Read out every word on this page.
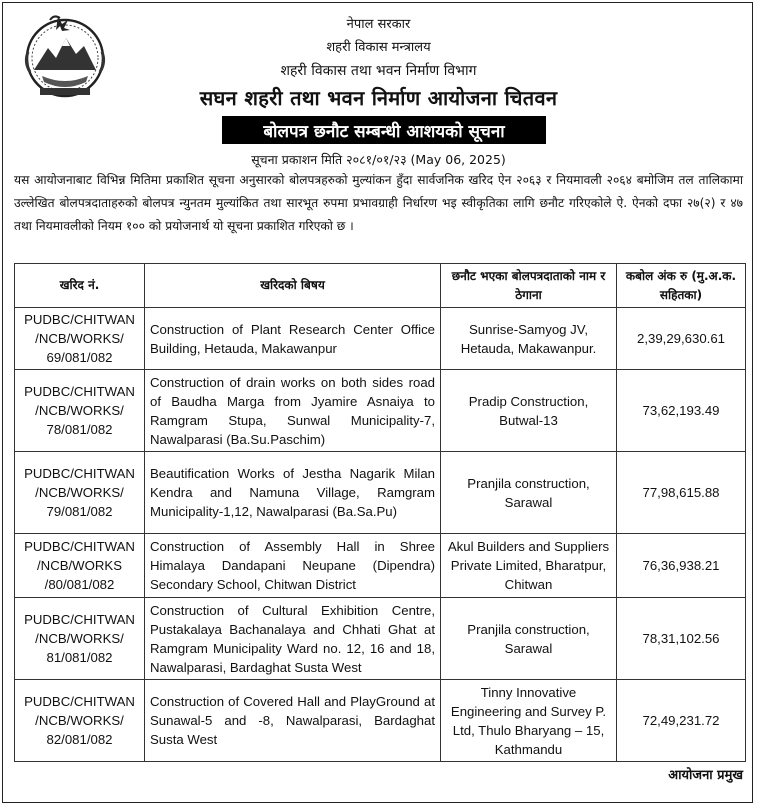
नेपाल सरकार
शहरी विकास मन्त्रालय
शहरी विकास तथा भवन निर्माण विभाग
सघन शहरी तथा भवन निर्माण आयोजना चितवन
बोलपत्र छनौट सम्बन्धी आशयको सूचना
सूचना प्रकाशन मिति २०८१/०१/२३ (May 06, 2025)
यस आयोजनाबाट विभिन्न मितिमा प्रकाशित सूचना अनुसारको बोलपत्रहरुको मुल्यांकन हुँदा सार्वजनिक खरिद ऐन २०६३ र नियमावली २०६४ बमोजिम तल तालिकामा उल्लेखित बोलपत्रदाताहरुको बोलपत्र न्युनतम मुल्यांकित तथा सारभूत रुपमा प्रभावग्राही निर्धारण भइ स्वीकृतिका लागि छनौट गरिएकोले ऐ. ऐनको दफा २७(२) र ४७ तथा नियमावलीको नियम १०० को प्रयोजनार्थ यो सूचना प्रकाशित गरिएको छ ।
खरिद नं.	खरिदको बिषय	छनौट भएका बोलपत्रदाताको नाम र ठेगाना	कबोल अंक रु (मु.अ.क. सहितका)
PUDBC/CHITWAN /NCB/WORKS/ 69/081/082	Construction of Plant Research Center Office Building, Hetauda, Makawanpur	Sunrise-Samyog JV, Hetauda, Makawanpur.	2,39,29,630.61
PUDBC/CHITWAN /NCB/WORKS/ 78/081/082	Construction of drain works on both sides road of Baudha Marga from Jyamire Asnaiya to Ramgram Stupa, Sunwal Municipality-7, Nawalparasi (Ba.Su.Paschim)	Pradip Construction, Butwal-13	73,62,193.49
PUDBC/CHITWAN /NCB/WORKS/ 79/081/082	Beautification Works of Jestha Nagarik Milan Kendra and Namuna Village, Ramgram Municipality-1,12, Nawalparasi (Ba.Sa.Pu)	Pranjila construction, Sarawal	77,98,615.88
PUDBC/CHITWAN /NCB/WORKS /80/081/082	Construction of Assembly Hall in Shree Himalaya Dandapani Neupane (Dipendra) Secondary School, Chitwan District	Akul Builders and Suppliers Private Limited, Bharatpur, Chitwan	76,36,938.21
PUDBC/CHITWAN /NCB/WORKS/ 81/081/082	Construction of Cultural Exhibition Centre, Pustakalaya Bachanalaya and Chhati Ghat at Ramgram Municipality Ward no. 12, 16 and 18, Nawalparasi, Bardaghat Susta West	Pranjila construction, Sarawal	78,31,102.56
PUDBC/CHITWAN /NCB/WORKS/ 82/081/082	Construction of Covered Hall and PlayGround at Sunawal-5 and -8, Nawalparasi, Bardaghat Susta West	Tinny Innovative Engineering and Survey P. Ltd, Thulo Bharyang – 15, Kathmandu	72,49,231.72
आयोजना प्रमुख
